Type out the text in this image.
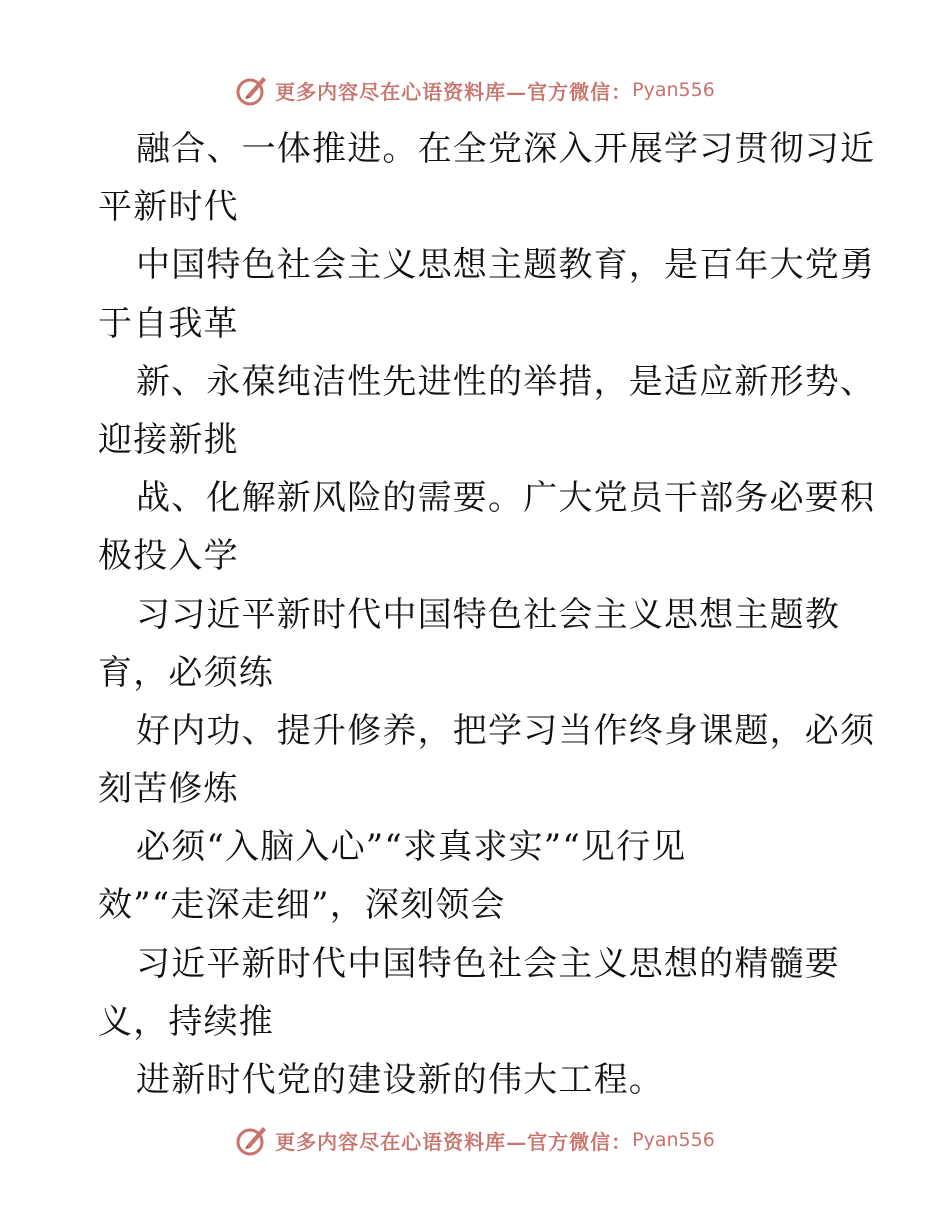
更多内容尽在心语资料库—官方微信： Pyan556
融合、一体推进。在全党深入开展学习贯彻习近
平新时代
中国特色社会主义思想主题教育，是百年大党勇
于自我革
新、永葆纯洁性先进性的举措，是适应新形势、
迎接新挑
战、化解新风险的需要。广大党员干部务必要积
极投入学
习习近平新时代中国特色社会主义思想主题教
育，必须练
好内功、提升修养，把学习当作终身课题，必须
刻苦修炼
必须“入脑入心”“求真求实”“见行见
效”“走深走细”，深刻领会
习近平新时代中国特色社会主义思想的精髓要
义，持续推
进新时代党的建设新的伟大工程。
更多内容尽在心语资料库—官方微信： Pyan556
